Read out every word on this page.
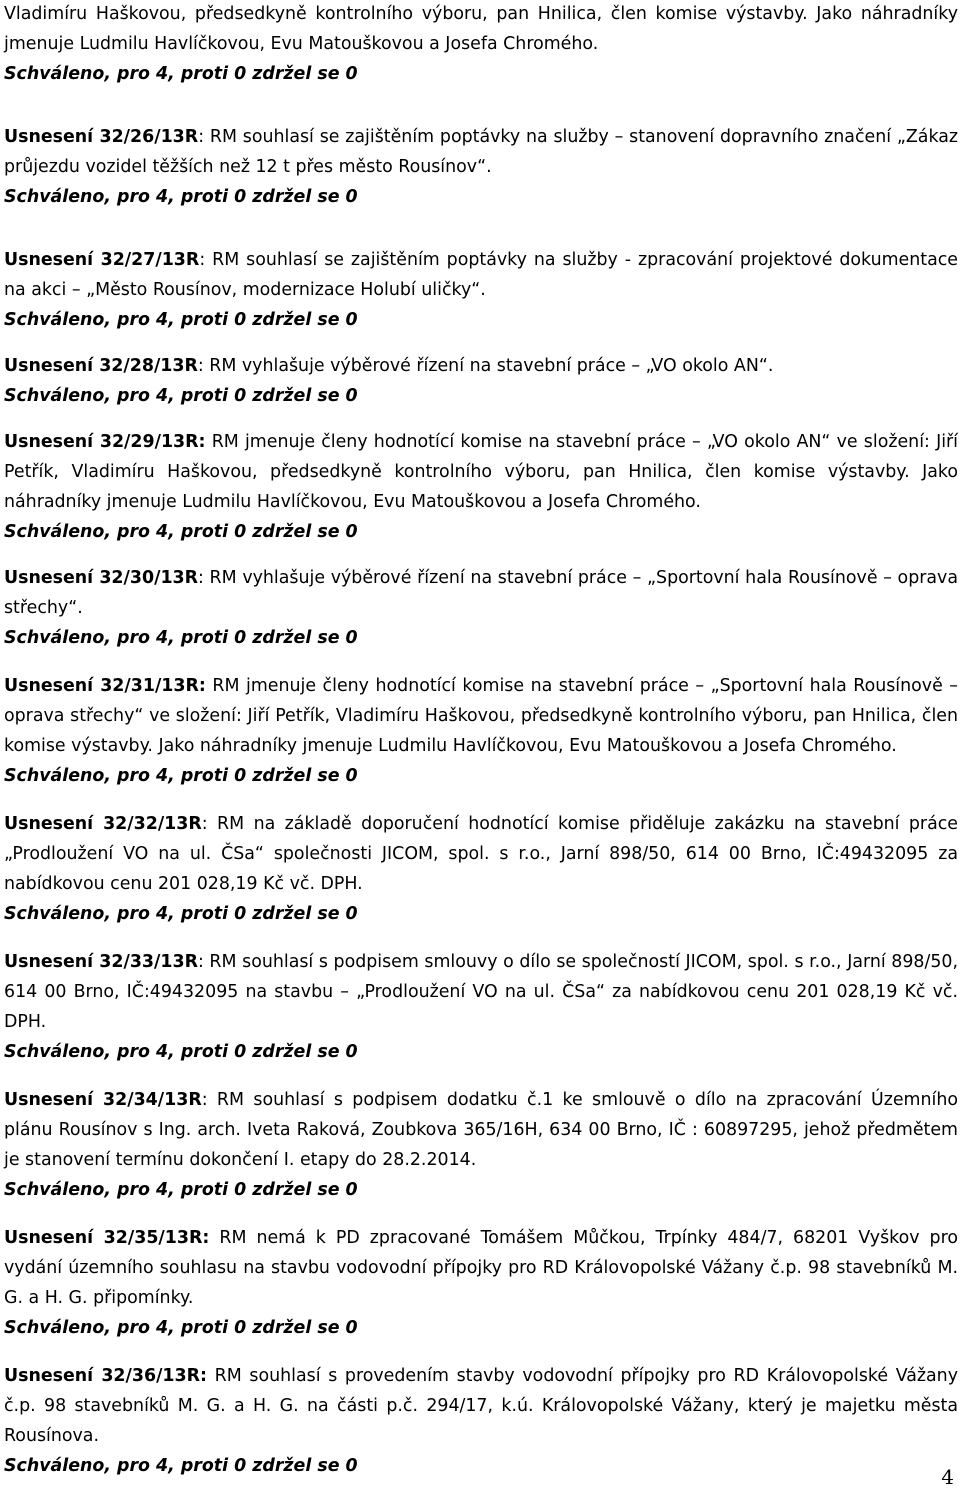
Vladimíru Haškovou, předsedkyně kontrolního výboru, pan Hnilica, člen komise výstavby. Jako náhradníky jmenuje Ludmilu Havlíčkovou, Evu Matouškovou a Josefa Chromého.

Schváleno, pro 4, proti 0 zdržel se 0

Usnesení 32/26/13R: RM souhlasí se zajištěním poptávky na služby – stanovení dopravního značení „Zákaz průjezdu vozidel těžších než 12 t přes město Rousínov“.

Schváleno, pro 4, proti 0 zdržel se 0

Usnesení 32/27/13R: RM souhlasí se zajištěním poptávky na služby - zpracování projektové dokumentace na akci – „Město Rousínov, modernizace Holubí uličky“.

Schváleno, pro 4, proti 0 zdržel se 0

Usnesení 32/28/13R: RM vyhlašuje výběrové řízení na stavební práce – „VO okolo AN“.

Schváleno, pro 4, proti 0 zdržel se 0

Usnesení 32/29/13R: RM jmenuje členy hodnotící komise na stavební práce – „VO okolo AN“ ve složení: Jiří Petřík, Vladimíru Haškovou, předsedkyně kontrolního výboru, pan Hnilica, člen komise výstavby. Jako náhradníky jmenuje Ludmilu Havlíčkovou, Evu Matouškovou a Josefa Chromého.

Schváleno, pro 4, proti 0 zdržel se 0

Usnesení 32/30/13R: RM vyhlašuje výběrové řízení na stavební práce – „Sportovní hala Rousínově – oprava střechy“.

Schváleno, pro 4, proti 0 zdržel se 0

Usnesení 32/31/13R: RM jmenuje členy hodnotící komise na stavební práce – „Sportovní hala Rousínově –oprava střechy“ ve složení: Jiří Petřík, Vladimíru Haškovou, předsedkyně kontrolního výboru, pan Hnilica, člen komise výstavby. Jako náhradníky jmenuje Ludmilu Havlíčkovou, Evu Matouškovou a Josefa Chromého.

Schváleno, pro 4, proti 0 zdržel se 0

Usnesení 32/32/13R: RM na základě doporučení hodnotící komise přiděluje zakázku na stavební práce „Prodloužení VO na ul. ČSa“ společnosti JICOM, spol. s r.o., Jarní 898/50, 614 00 Brno, IČ:49432095 za nabídkovou cenu 201 028,19 Kč vč. DPH.

Schváleno, pro 4, proti 0 zdržel se 0

Usnesení 32/33/13R: RM souhlasí s podpisem smlouvy o dílo se společností JICOM, spol. s r.o., Jarní 898/50, 614 00 Brno, IČ:49432095 na stavbu – „Prodloužení VO na ul. ČSa“ za nabídkovou cenu 201 028,19 Kč vč. DPH.

Schváleno, pro 4, proti 0 zdržel se 0

Usnesení 32/34/13R: RM souhlasí s podpisem dodatku č.1 ke smlouvě o dílo na zpracování Územního plánu Rousínov s Ing. arch. Iveta Raková, Zoubkova 365/16H, 634 00 Brno, IČ : 60897295, jehož předmětem je stanovení termínu dokončení I. etapy do 28.2.2014.

Schváleno, pro 4, proti 0 zdržel se 0

Usnesení 32/35/13R: RM nemá k PD zpracované Tomášem Můčkou, Trpínky 484/7, 68201 Vyškov pro vydání územního souhlasu na stavbu vodovodní přípojky pro RD Královopolské Vážany č.p. 98 stavebníků M. G. a H. G. připomínky.

Schváleno, pro 4, proti 0 zdržel se 0

Usnesení 32/36/13R: RM souhlasí s provedením stavby vodovodní přípojky pro RD Královopolské Vážany č.p. 98 stavebníků M. G. a H. G. na části p.č. 294/17, k.ú. Královopolské Vážany, který je majetku města Rousínova.

Schváleno, pro 4, proti 0 zdržel se 0	4
